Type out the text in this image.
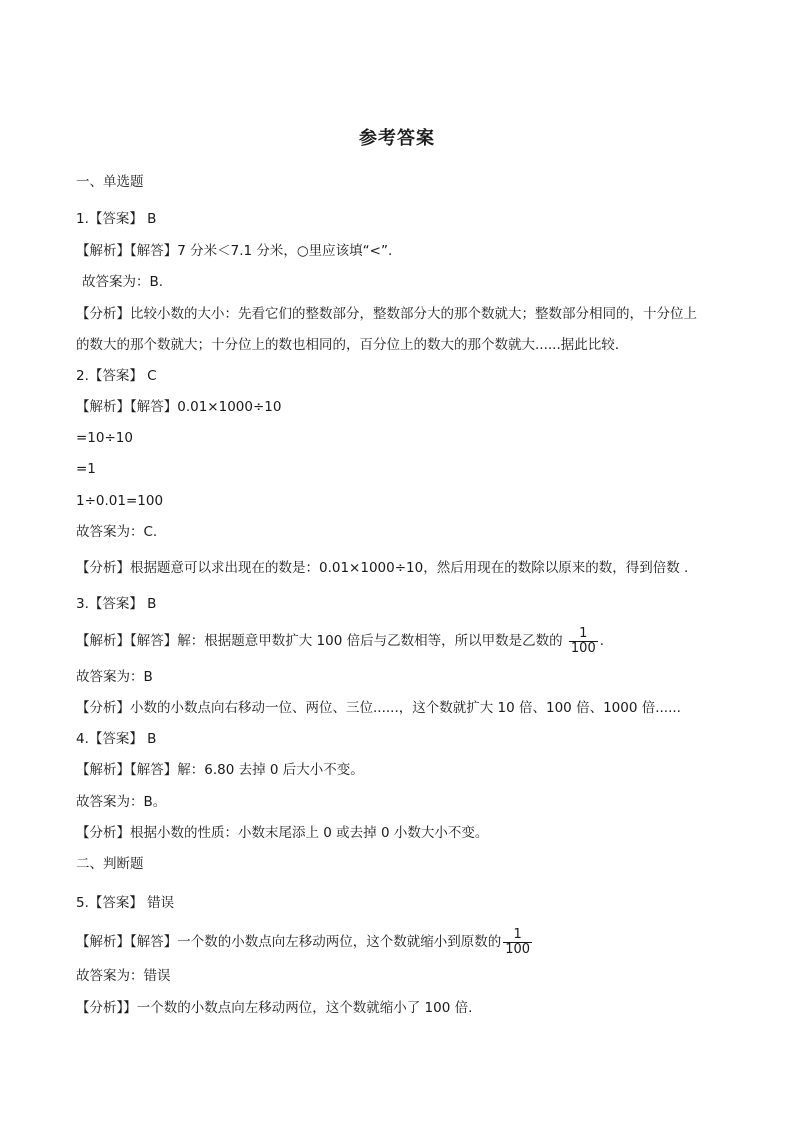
参考答案
一、单选题
1.【答案】 B
【解析】【解答】7 分米＜7.1 分米，○里应该填“<”.
故答案为：B.
【分析】比较小数的大小：先看它们的整数部分，整数部分大的那个数就大；整数部分相同的，十分位上
的数大的那个数就大；十分位上的数也相同的，百分位上的数大的那个数就大......据此比较.
2.【答案】 C
【解析】【解答】0.01×1000÷10
=10÷10
=1
1÷0.01=100
故答案为：C.
【分析】根据题意可以求出现在的数是：0.01×1000÷10，然后用现在的数除以原来的数，得到倍数 .
3.【答案】 B
【解析】【解答】解：根据题意甲数扩大 100 倍后与乙数相等，所以甲数是乙数的 $\frac{1}{100}$ .
故答案为：B
【分析】小数的小数点向右移动一位、两位、三位......，这个数就扩大 10 倍、100 倍、1000 倍......
4.【答案】 B
【解析】【解答】解：6.80 去掉 0 后大小不变。
故答案为：B。
【分析】根据小数的性质：小数末尾添上 0 或去掉 0 小数大小不变。
二、判断题
5.【答案】 错误
【解析】【解答】一个数的小数点向左移动两位，这个数就缩小到原数的 $\frac{1}{100}$
故答案为：错误
【分析】】一个数的小数点向左移动两位，这个数就缩小了 100 倍.
